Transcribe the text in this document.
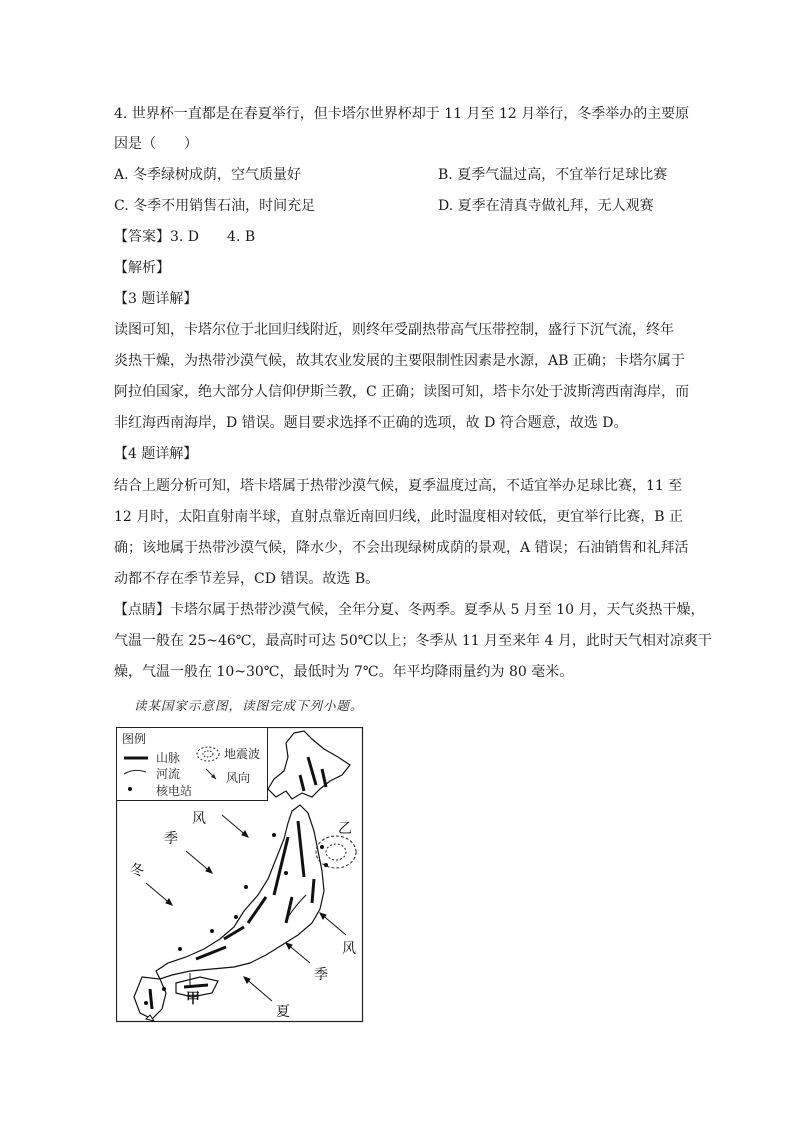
4. 世界杯一直都是在春夏举行，但卡塔尔世界杯却于 11 月至 12 月举行，冬季举办的主要原
因是（　　）
A. 冬季绿树成荫，空气质量好	B. 夏季气温过高，不宜举行足球比赛
C. 冬季不用销售石油，时间充足	D. 夏季在清真寺做礼拜，无人观赛
【答案】3. D　　4. B
【解析】
【3 题详解】
读图可知，卡塔尔位于北回归线附近，则终年受副热带高气压带控制，盛行下沉气流，终年
炎热干燥，为热带沙漠气候，故其农业发展的主要限制性因素是水源，AB 正确；卡塔尔属于
阿拉伯国家，绝大部分人信仰伊斯兰教，C 正确；读图可知，塔卡尔处于波斯湾西南海岸，而
非红海西南海岸，D 错误。题目要求选择不正确的选项，故 D 符合题意，故选 D。
【4 题详解】
结合上题分析可知，塔卡塔属于热带沙漠气候，夏季温度过高，不适宜举办足球比赛，11 至
12 月时，太阳直射南半球，直射点靠近南回归线，此时温度相对较低，更宜举行比赛，B 正
确；该地属于热带沙漠气候，降水少，不会出现绿树成荫的景观，A 错误；石油销售和礼拜活
动都不存在季节差异，CD 错误。故选 B。
【点睛】卡塔尔属于热带沙漠气候，全年分夏、冬两季。夏季从 5 月至 10 月，天气炎热干燥，
气温一般在 25~46℃，最高时可达 50℃以上；冬季从 11 月至来年 4 月，此时天气相对凉爽干
燥，气温一般在 10~30℃，最低时为 7℃。年平均降雨量约为 80 毫米。
读某国家示意图，读图完成下列小题。
图例
山脉	地震波
河流	风向
核电站
乙
甲
风
季
冬
风
季
夏
